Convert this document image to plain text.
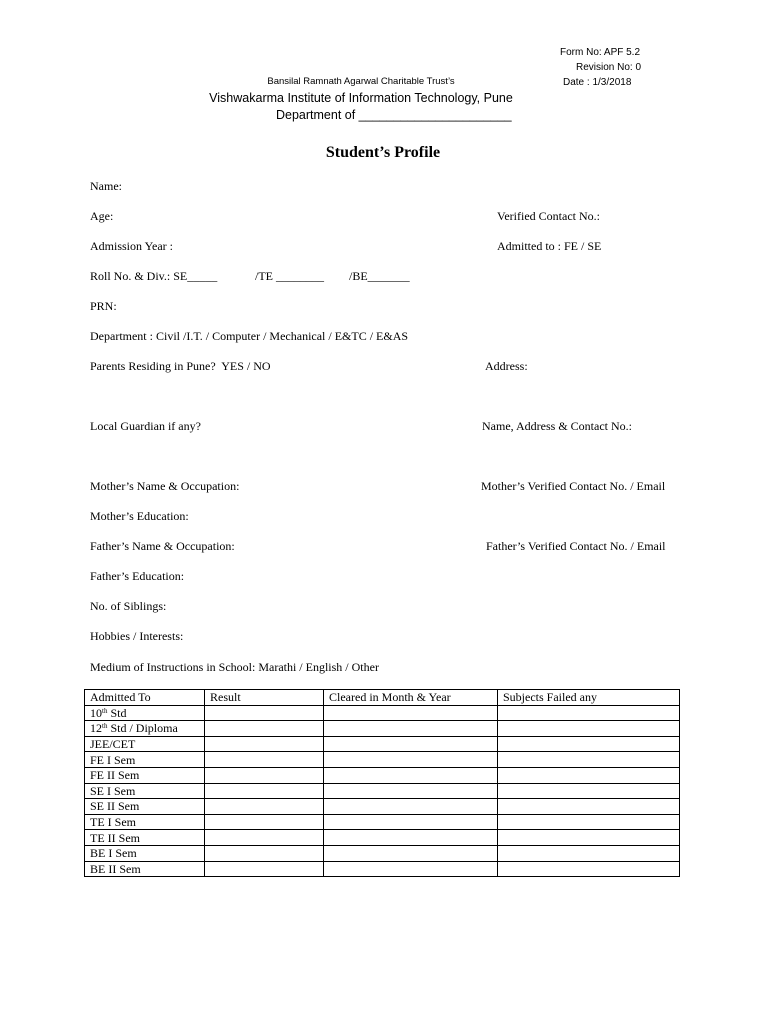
Form No: APF 5.2
Revision No: 0
Date : 1/3/2018
Bansilal Ramnath Agarwal Charitable Trust’s
Vishwakarma Institute of Information Technology, Pune
Department of ______________________
Student’s Profile
Name:
Age:	Verified Contact No.:
Admission Year :	Admitted to : FE / SE
Roll No. & Div.: SE_____	/TE ________ /BE_______
PRN:
Department : Civil /I.T. / Computer / Mechanical / E&TC / E&AS
Parents Residing in Pune?  YES / NO	Address:
Local Guardian if any?	Name, Address & Contact No.:
Mother’s Name & Occupation:	Mother’s Verified Contact No. / Email
Mother’s Education:
Father’s Name & Occupation:	Father’s Verified Contact No. / Email
Father’s Education:
No. of Siblings:
Hobbies / Interests:
Medium of Instructions in School: Marathi / English / Other
Admitted To	Result	Cleared in Month & Year	Subjects Failed any
10th Std			
12th Std / Diploma			
JEE/CET			
FE I Sem			
FE II Sem			
SE I Sem			
SE II Sem			
TE I Sem			
TE II Sem			
BE I Sem			
BE II Sem			
